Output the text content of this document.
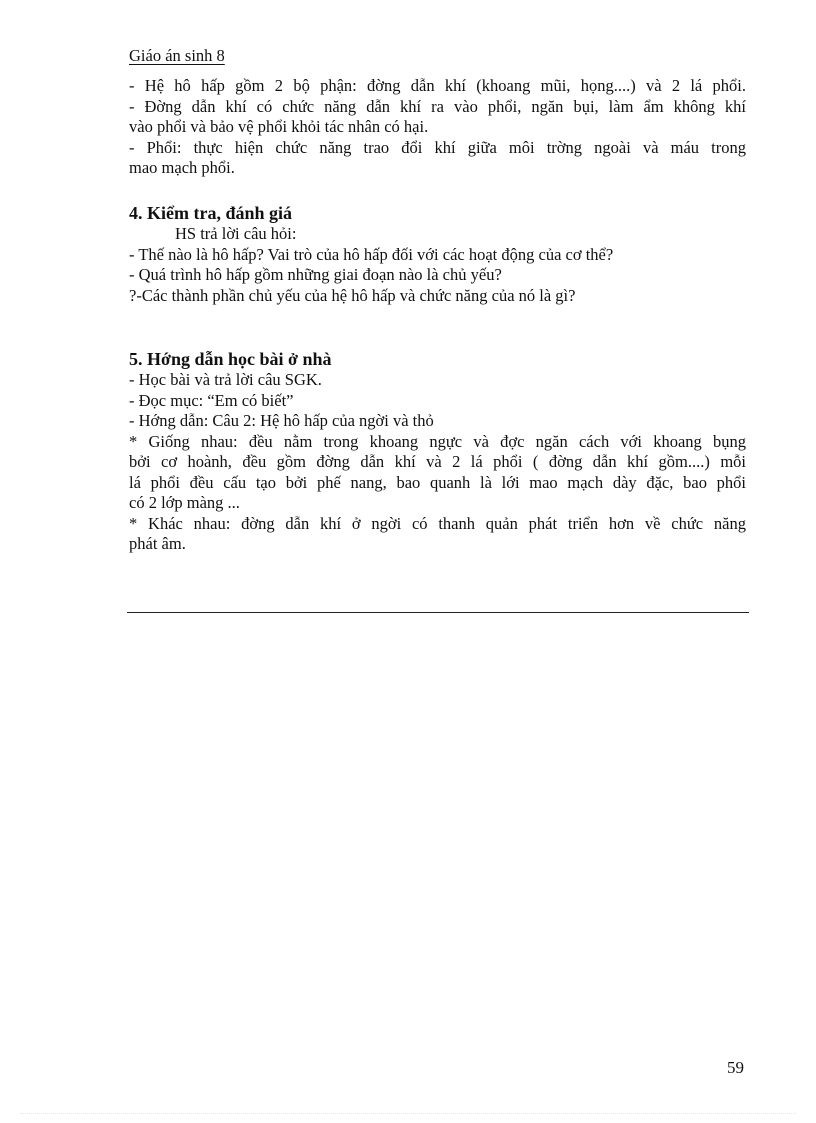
Giáo án sinh 8
- Hệ hô hấp gồm 2 bộ phận: đờng dẫn khí (khoang mũi, họng....) và 2 lá phổi.
- Đờng dẫn khí có chức năng dẫn khí ra vào phổi, ngăn bụi, làm ẩm không khí
vào phổi và bảo vệ phổi khỏi tác nhân có hại.
- Phổi: thực hiện chức năng trao đổi khí giữa môi trờng ngoài và máu trong
mao mạch phổi.
4. Kiểm tra, đánh giá
HS trả lời câu hỏi:
- Thế nào là hô hấp? Vai trò của hô hấp đối với các hoạt động của cơ thể?
- Quá trình hô hấp gồm những giai đoạn nào là chủ yếu?
?-Các thành phần chủ yếu của hệ hô hấp và chức năng của nó là gì?
5. Hớng dẫn học bài ở nhà
- Học bài và trả lời câu SGK.
- Đọc mục: “Em có biết”
- Hớng dẫn: Câu 2: Hệ hô hấp của ngời và thỏ
* Giống nhau: đều nằm trong khoang ngực và đợc ngăn cách với khoang bụng
bởi cơ hoành, đều gồm đờng dẫn khí và 2 lá phổi ( đờng dẫn khí gồm....) mỗi
lá phổi đều cấu tạo bởi phế nang, bao quanh là lới mao mạch dày đặc, bao phổi
có 2 lớp màng ...
* Khác nhau: đờng dẫn khí ở ngời có thanh quản phát triển hơn về chức năng
phát âm.
59
